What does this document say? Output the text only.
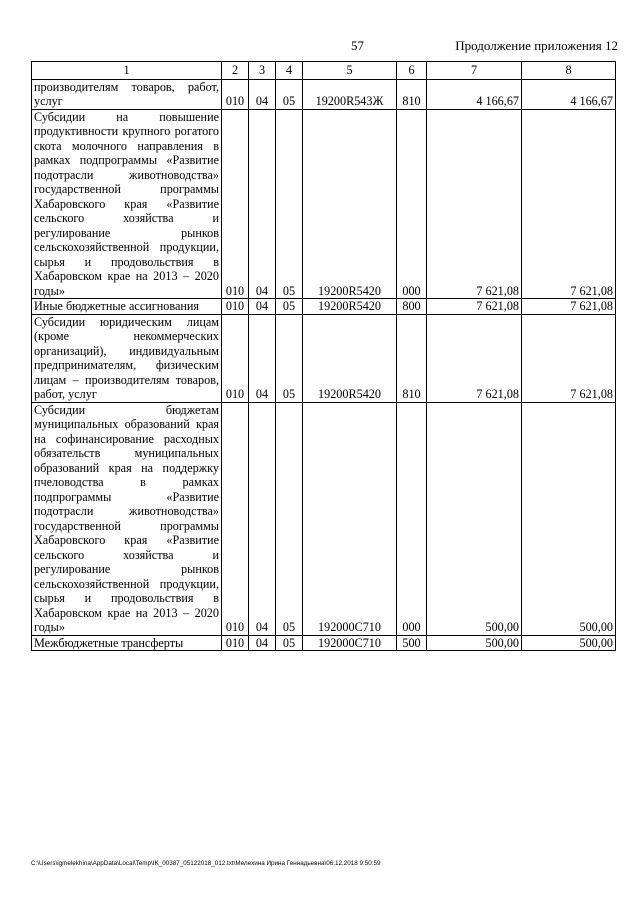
57	Продолжение приложения 12
1	2	3	4	5	6	7	8
производителям товаров, работ, услуг	010	04	05	19200R543Ж	810	4 166,67	4 166,67
Субсидии на повышение продуктивности крупного рогатого скота молочного направления в рамках подпрограммы «Развитие подотрасли животноводства» государственной программы Хабаровского края «Развитие сельского хозяйства и регулирование рынков сельскохозяйственной продукции, сырья и продовольствия в Хабаровском крае на 2013 – 2020 годы»	010	04	05	19200R5420	000	7 621,08	7 621,08
Иные бюджетные ассигнования	010	04	05	19200R5420	800	7 621,08	7 621,08
Субсидии юридическим лицам (кроме некоммерческих организаций), индивидуальным предпринимателям, физическим лицам – производителям товаров, работ, услуг	010	04	05	19200R5420	810	7 621,08	7 621,08
Субсидии бюджетам муниципальных образований края на софинансирование расходных обязательств муниципальных образований края на поддержку пчеловодства в рамках подпрограммы «Развитие подотрасли животноводства» государственной программы Хабаровского края «Развитие сельского хозяйства и регулирование рынков сельскохозяйственной продукции, сырья и продовольствия в Хабаровском крае на 2013 – 2020 годы»	010	04	05	192000C710	000	500,00	500,00
Межбюджетные трансферты	010	04	05	192000C710	500	500,00	500,00
C:\Users\igmelekhina\AppData\Local\Temp\IK_00387_05122018_012.txt\Мелехина Ирина Геннадьевна\06.12.2018 9:50:59
